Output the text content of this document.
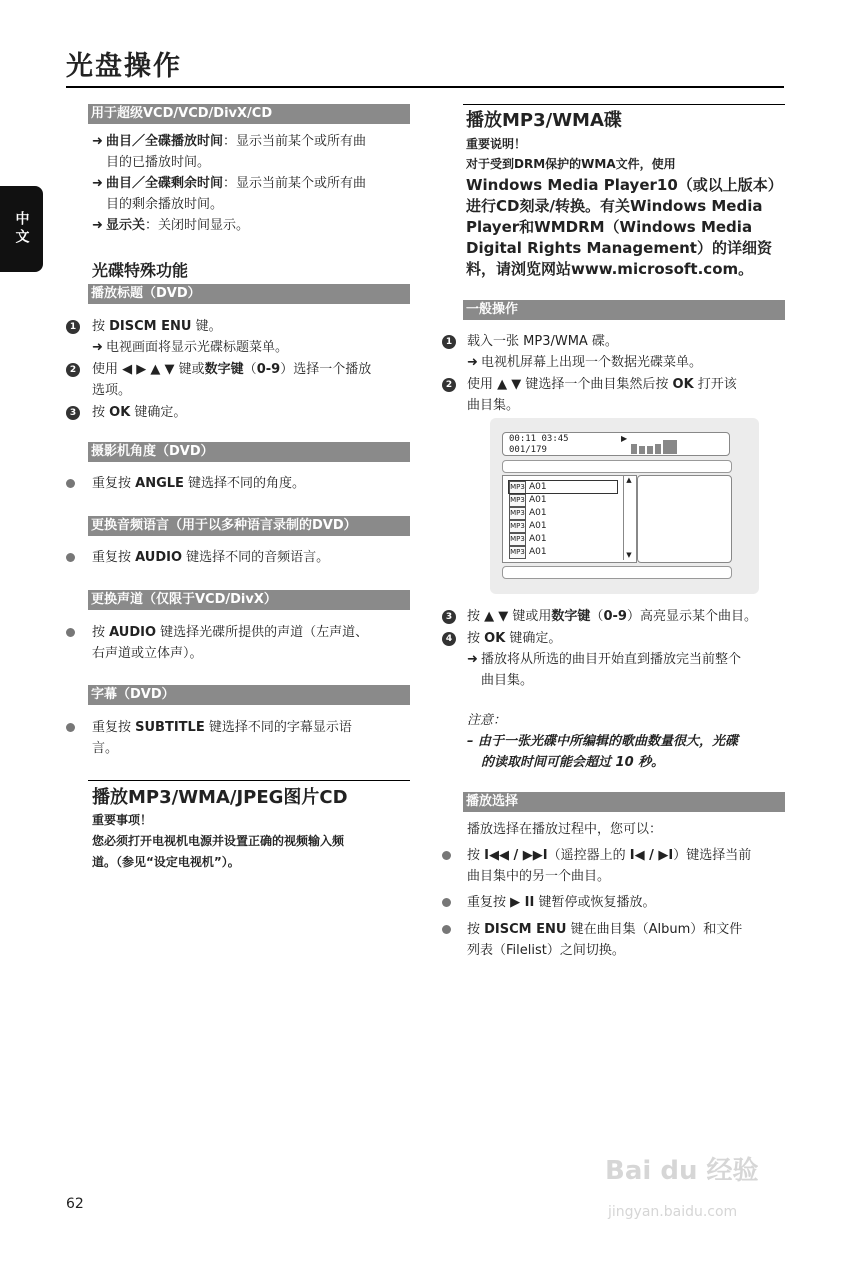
光盘操作
中文
用于超级VCD/VCD/DivX/CD
➜ 曲目／全碟播放时间：显示当前某个或所有曲
目的已播放时间。
➜ 曲目／全碟剩余时间：显示当前某个或所有曲
目的剩余播放时间。
➜ 显示关：关闭时间显示。
光碟特殊功能
播放标题（DVD）
1 按 DISCM ENU 键。
➜ 电视画面将显示光碟标题菜单。
2 使用 ◀ ▶ ▲ ▼ 键或数字键（0-9）选择一个播放
选项。
3 按 OK 键确定。
摄影机角度（DVD）
重复按 ANGLE 键选择不同的角度。
更换音频语言（用于以多种语言录制的DVD）
重复按 AUDIO 键选择不同的音频语言。
更换声道（仅限于VCD/DivX）
按 AUDIO 键选择光碟所提供的声道（左声道、
右声道或立体声）。
字幕（DVD）
重复按 SUBTITLE 键选择不同的字幕显示语
言。
播放MP3/WMA/JPEG图片CD
重要事项！
您必须打开电视机电源并设置正确的视频输入频
道。（参见“设定电视机”）。
播放MP3/WMA碟
重要说明！
对于受到DRM保护的WMA文件，使用
Windows Media Player10（或以上版本）
进行CD刻录/转换。有关Windows Media
Player和WMDRM（Windows Media
Digital Rights Management）的详细资
料，请浏览网站www.microsoft.com。
一般操作
1 载入一张 MP3/WMA 碟。
➜ 电视机屏幕上出现一个数据光碟菜单。
2 使用 ▲ ▼ 键选择一个曲目集然后按 OK 打开该
曲目集。
00:11 03:45
001/179
▶
MP3 A01
MP3 A01
MP3 A01
MP3 A01
MP3 A01
MP3 A01
▲
▼
3 按 ▲ ▼ 键或用数字键（0-9）高亮显示某个曲目。
4 按 OK 键确定。
➜ 播放将从所选的曲目开始直到播放完当前整个
曲目集。
注意：
– 由于一张光碟中所编辑的歌曲数量很大，光碟
的读取时间可能会超过 10 秒。
播放选择
播放选择在播放过程中，您可以：
按 I◀◀ / ▶▶I（遥控器上的 I◀ / ▶I）键选择当前
曲目集中的另一个曲目。
重复按 ▶ II 键暂停或恢复播放。
按 DISCM ENU 键在曲目集（Album）和文件
列表（Filelist）之间切换。
62
Bai du 经验
jingyan.baidu.com
